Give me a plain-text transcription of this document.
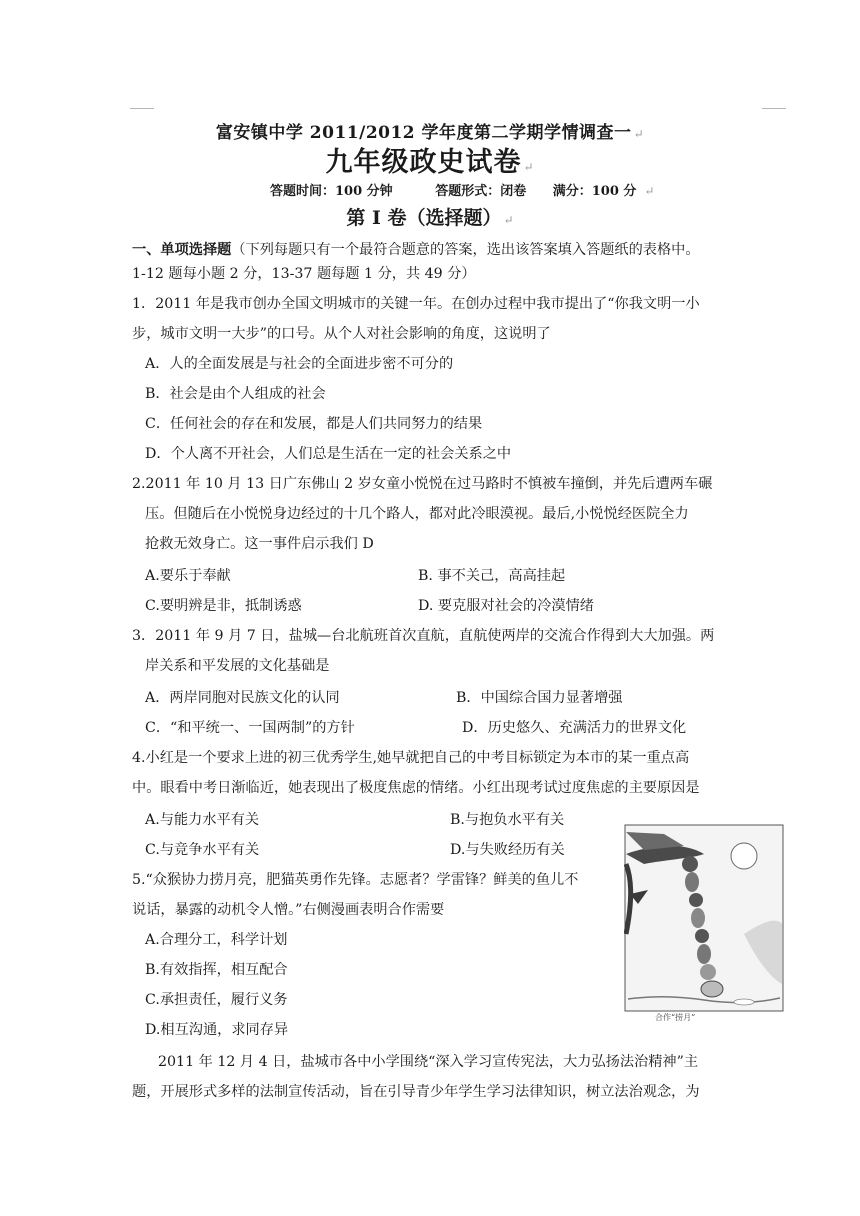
富安镇中学 2011/2012 学年度第二学期学情调查一 ↵
九年级政史试卷 ↵
答题时间：100 分钟	答题形式：闭卷 满分：100 分 ↵
第 I 卷（选择题） ↵
一、单项选择题（下列每题只有一个最符合题意的答案，选出该答案填入答题纸的表格中。
1-12 题每小题 2 分，13-37 题每题 1 分，共 49 分）
1．2011 年是我市创办全国文明城市的关键一年。在创办过程中我市提出了“你我文明一小
步，城市文明一大步”的口号。从个人对社会影响的角度，这说明了
A．人的全面发展是与社会的全面进步密不可分的
B．社会是由个人组成的社会
C．任何社会的存在和发展，都是人们共同努力的结果
D．个人离不开社会，人们总是生活在一定的社会关系之中
2.2011 年 10 月 13 日广东佛山 2 岁女童小悦悦在过马路时不慎被车撞倒，并先后遭两车碾
压。但随后在小悦悦身边经过的十几个路人，都对此冷眼漠视。最后,小悦悦经医院全力
抢救无效身亡。这一事件启示我们 D
A.要乐于奉献	B. 事不关己，高高挂起
C.要明辨是非，抵制诱惑	D. 要克服对社会的冷漠情绪
3．2011 年 9 月 7 日，盐城—台北航班首次直航，直航使两岸的交流合作得到大大加强。两
岸关系和平发展的文化基础是
A．两岸同胞对民族文化的认同	B．中国综合国力显著增强
C．“和平统一、一国两制”的方针	D．历史悠久、充满活力的世界文化
4.小红是一个要求上进的初三优秀学生,她早就把自己的中考目标锁定为本市的某一重点高
中。眼看中考日渐临近，她表现出了极度焦虑的情绪。小红出现考试过度焦虑的主要原因是
A.与能力水平有关	B.与抱负水平有关
C.与竞争水平有关	D.与失败经历有关
5.“众猴协力捞月亮，肥猫英勇作先锋。志愿者？学雷锋？鲜美的鱼儿不
说话，暴露的动机令人憎。”右侧漫画表明合作需要
A.合理分工，科学计划
B.有效指挥，相互配合
C.承担责任，履行义务
D.相互沟通，求同存异
合作“捞月”
2011 年 12 月 4 日，盐城市各中小学围绕“深入学习宣传宪法，大力弘扬法治精神”主
题，开展形式多样的法制宣传活动，旨在引导青少年学生学习法律知识，树立法治观念，为
